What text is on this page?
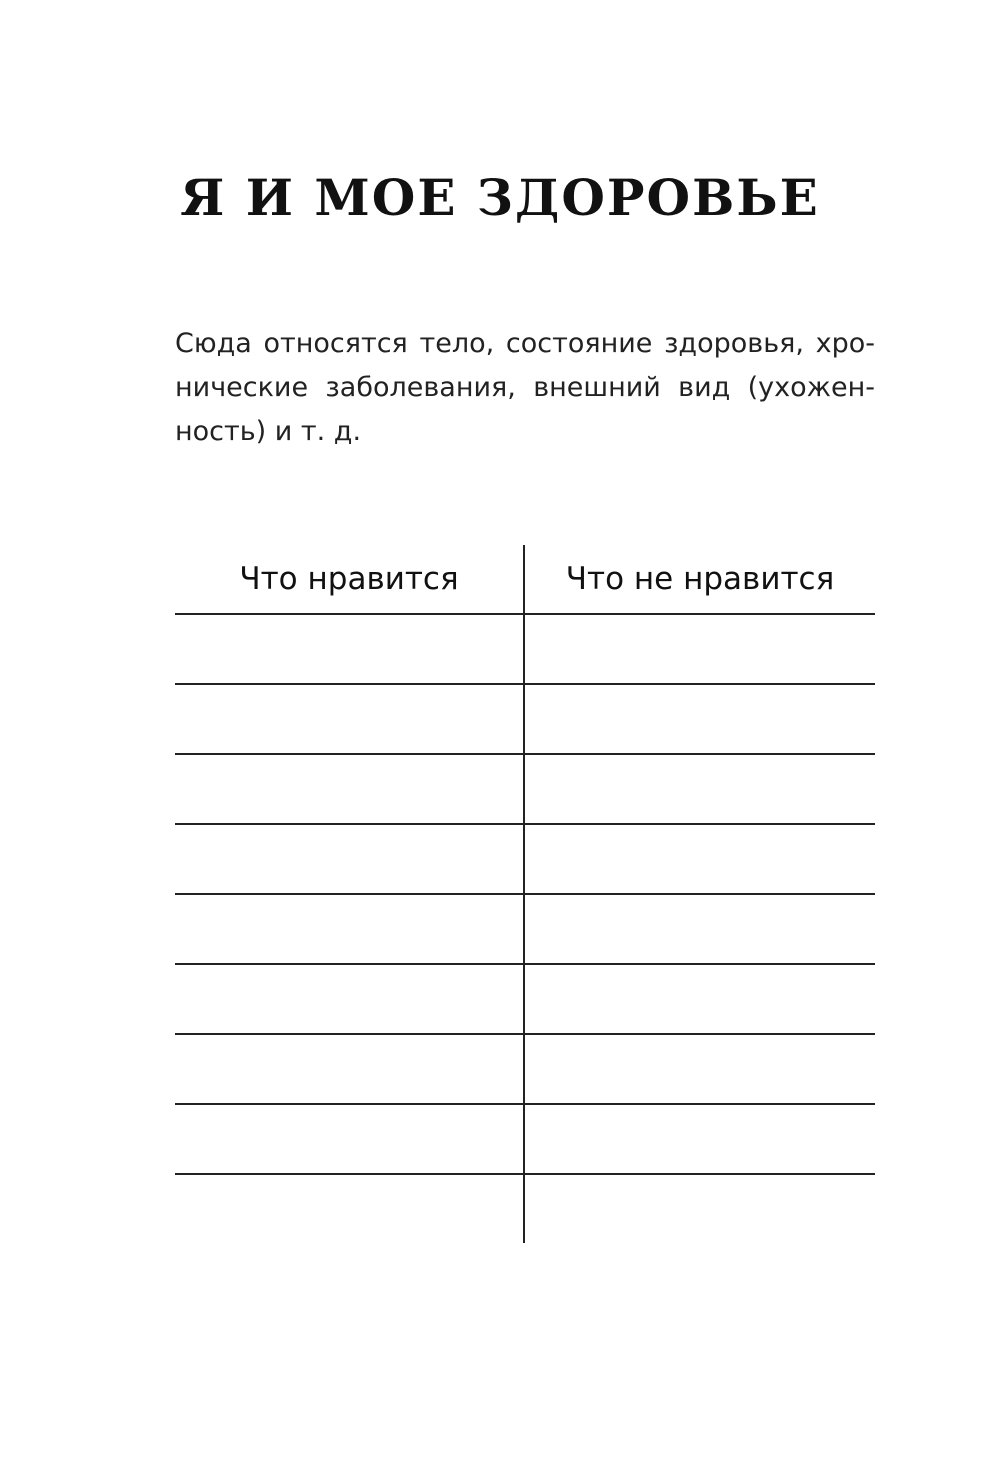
Я И МОЕ ЗДОРОВЬЕ

Сюда относятся тело, состояние здоровья, хро-
нические заболевания, внешний вид (ухожен-
ность) и т. д.

Что нравится	Что не нравится
